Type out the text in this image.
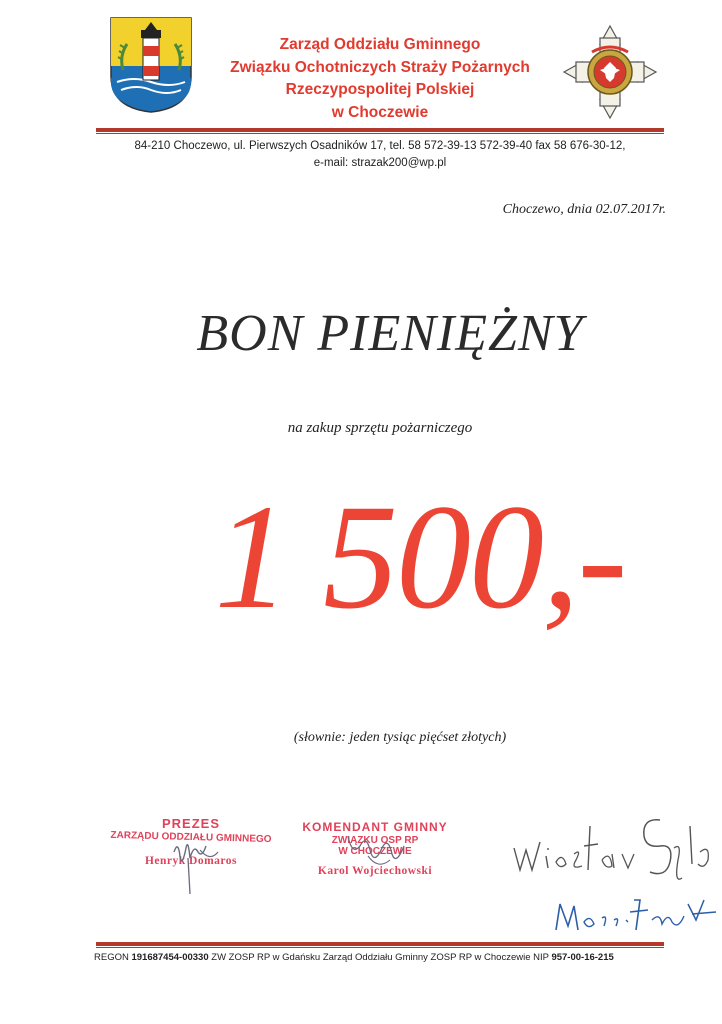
Zarząd Oddziału Gminnego
Związku Ochotniczych Straży Pożarnych
Rzeczypospolitej Polskiej
w Choczewie
84-210 Choczewo, ul. Pierwszych Osadników 17, tel. 58 572-39-13 572-39-40 fax 58 676-30-12,
e-mail: strazak200@wp.pl
Choczewo, dnia 02.07.2017r.
BON PIENIĘŻNY
na zakup sprzętu pożarniczego
1 500,-
(słownie: jeden tysiąc pięćset złotych)
PREZES
ZARZĄDU ODDZIAŁU GMINNEGO
Henryk Domaros
KOMENDANT GMINNY
ZWIĄZKU OSP RP
W CHOCZEWIE
Karol Wojciechowski
REGON 191687454-00330 ZW ZOSP RP w Gdańsku Zarząd Oddziału Gminny ZOSP RP w Choczewie NIP 957-00-16-215
